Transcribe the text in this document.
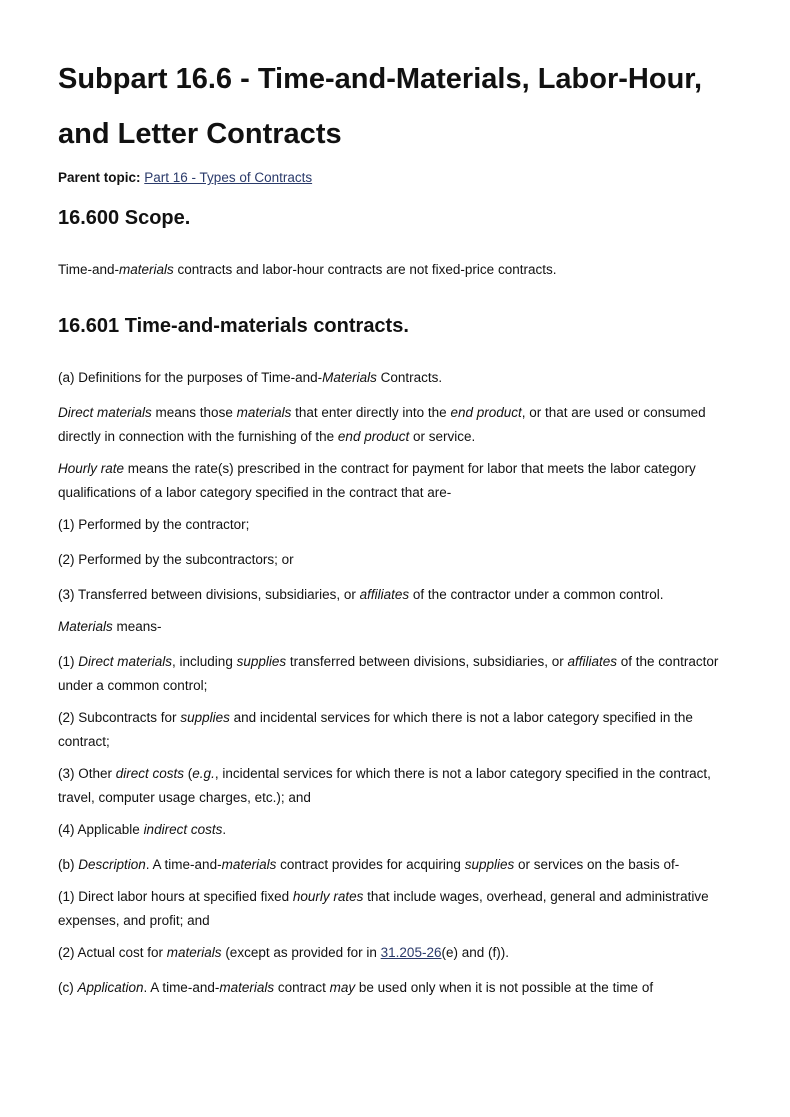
Subpart 16.6 - Time-and-Materials, Labor-Hour, and Letter Contracts
Parent topic: Part 16 - Types of Contracts
16.600 Scope.

Time-and-materials contracts and labor-hour contracts are not fixed-price contracts.

16.601 Time-and-materials contracts.

(a) Definitions for the purposes of Time-and-Materials Contracts.

Direct materials means those materials that enter directly into the end product, or that are used or consumed directly in connection with the furnishing of the end product or service.

Hourly rate means the rate(s) prescribed in the contract for payment for labor that meets the labor category qualifications of a labor category specified in the contract that are-

(1) Performed by the contractor;

(2) Performed by the subcontractors; or

(3) Transferred between divisions, subsidiaries, or affiliates of the contractor under a common control.

Materials means-

(1) Direct materials, including supplies transferred between divisions, subsidiaries, or affiliates of the contractor under a common control;

(2) Subcontracts for supplies and incidental services for which there is not a labor category specified in the contract;

(3) Other direct costs (e.g., incidental services for which there is not a labor category specified in the contract, travel, computer usage charges, etc.); and

(4) Applicable indirect costs.

(b) Description. A time-and-materials contract provides for acquiring supplies or services on the basis of-

(1) Direct labor hours at specified fixed hourly rates that include wages, overhead, general and administrative expenses, and profit; and

(2) Actual cost for materials (except as provided for in 31.205-26(e) and (f)).

(c) Application. A time-and-materials contract may be used only when it is not possible at the time of
